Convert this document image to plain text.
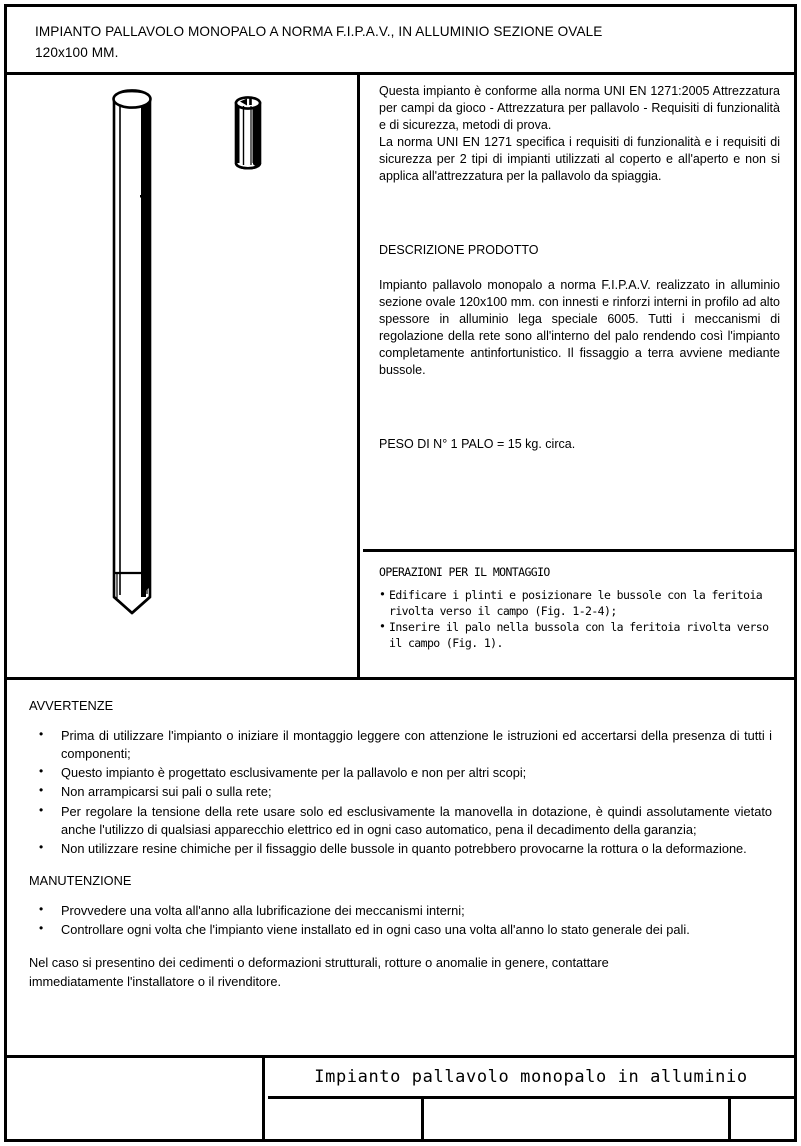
IMPIANTO PALLAVOLO MONOPALO A NORMA F.I.P.A.V., IN ALLUMINIO SEZIONE OVALE
120x100 MM.

Questa impianto è conforme alla norma UNI EN 1271:2005 Attrezzatura per campi da gioco - Attrezzatura per pallavolo - Requisiti di funzionalità e di sicurezza, metodi di prova.

La norma UNI EN 1271 specifica i requisiti di funzionalità e i requisiti di sicurezza per 2 tipi di impianti utilizzati al coperto e all'aperto e non si applica all'attrezzatura per la pallavolo da spiaggia.

DESCRIZIONE PRODOTTO

Impianto pallavolo monopalo a norma F.I.P.A.V. realizzato in alluminio sezione ovale 120x100 mm. con innesti e rinforzi interni in profilo ad alto spessore in alluminio lega speciale 6005. Tutti i meccanismi di regolazione della rete sono all'interno del palo rendendo così l'impianto completamente antinfortunistico. Il fissaggio a terra avviene mediante bussole.

PESO DI N° 1 PALO = 15 kg. circa.

OPERAZIONI PER IL MONTAGGIO

• Edificare i plinti e posizionare le bussole con la feritoia rivolta verso il campo (Fig. 1-2-4);
• Inserire il palo nella bussola con la feritoia rivolta verso il campo (Fig. 1).
AVVERTENZE
• Prima di utilizzare l'impianto o iniziare il montaggio leggere con attenzione le istruzioni ed accertarsi della presenza di tutti i componenti;
• Questo impianto è progettato esclusivamente per la pallavolo e non per altri scopi;
• Non arrampicarsi sui pali o sulla rete;
• Per regolare la tensione della rete usare solo ed esclusivamente la manovella in dotazione, è quindi assolutamente vietato anche l'utilizzo di qualsiasi apparecchio elettrico ed in ogni caso automatico, pena il decadimento della garanzia;
• Non utilizzare resine chimiche per il fissaggio delle bussole in quanto potrebbero provocarne la rottura o la deformazione.
MANUTENZIONE
• Provvedere una volta all'anno alla lubrificazione dei meccanismi interni;
• Controllare ogni volta che l'impianto viene installato ed in ogni caso una volta all'anno lo stato generale dei pali.

Nel caso si presentino dei cedimenti o deformazioni strutturali, rotture o anomalie in genere, contattare
immediatamente l'installatore o il rivenditore.

Impianto pallavolo monopalo in alluminio
